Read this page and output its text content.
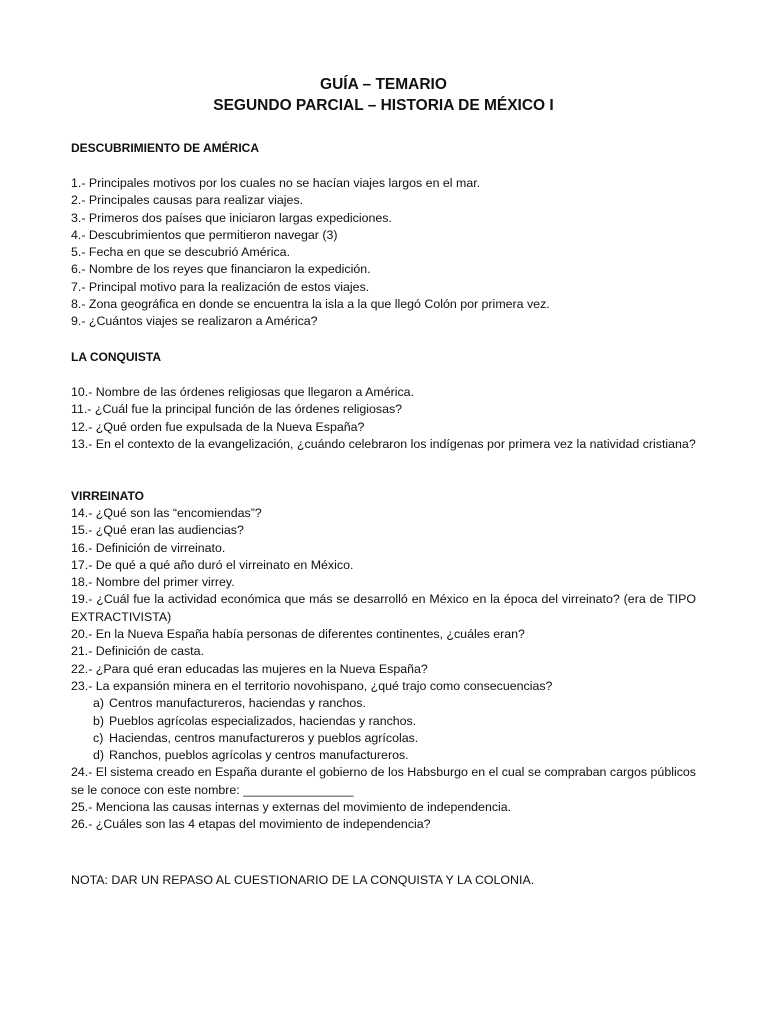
GUÍA – TEMARIO
SEGUNDO PARCIAL – HISTORIA DE MÉXICO I
DESCUBRIMIENTO DE AMÉRICA
1.- Principales motivos por los cuales no se hacían viajes largos en el mar.
2.- Principales causas para realizar viajes.
3.- Primeros dos países que iniciaron largas expediciones.
4.- Descubrimientos que permitieron navegar (3)
5.- Fecha en que se descubrió América.
6.- Nombre de los reyes que financiaron la expedición.
7.- Principal motivo para la realización de estos viajes.
8.- Zona geográfica en donde se encuentra la isla a la que llegó Colón por primera vez.
9.- ¿Cuántos viajes se realizaron a América?
LA CONQUISTA
10.- Nombre de las órdenes religiosas que llegaron a América.
11.- ¿Cuál fue la principal función de las órdenes religiosas?
12.- ¿Qué orden fue expulsada de la Nueva España?
13.- En el contexto de la evangelización, ¿cuándo celebraron los indígenas por primera vez la natividad cristiana?
VIRREINATO
14.- ¿Qué son las “encomiendas”?
15.- ¿Qué eran las audiencias?
16.- Definición de virreinato.
17.- De qué a qué año duró el virreinato en México.
18.- Nombre del primer virrey.
19.- ¿Cuál fue la actividad económica que más se desarrolló en México en la época del virreinato? (era de TIPO EXTRACTIVISTA)
20.- En la Nueva España había personas de diferentes continentes, ¿cuáles eran?
21.- Definición de casta.
22.- ¿Para qué eran educadas las mujeres en la Nueva España?
23.- La expansión minera en el territorio novohispano, ¿qué trajo como consecuencias?
a) Centros manufactureros, haciendas y ranchos.
b) Pueblos agrícolas especializados, haciendas y ranchos.
c) Haciendas, centros manufactureros y pueblos agrícolas.
d) Ranchos, pueblos agrícolas y centros manufactureros.
24.- El sistema creado en España durante el gobierno de los Habsburgo en el cual se compraban cargos públicos se le conoce con este nombre: ________________
25.- Menciona las causas internas y externas del movimiento de independencia.
26.- ¿Cuáles son las 4 etapas del movimiento de independencia?
NOTA: DAR UN REPASO AL CUESTIONARIO DE LA CONQUISTA Y LA COLONIA.
